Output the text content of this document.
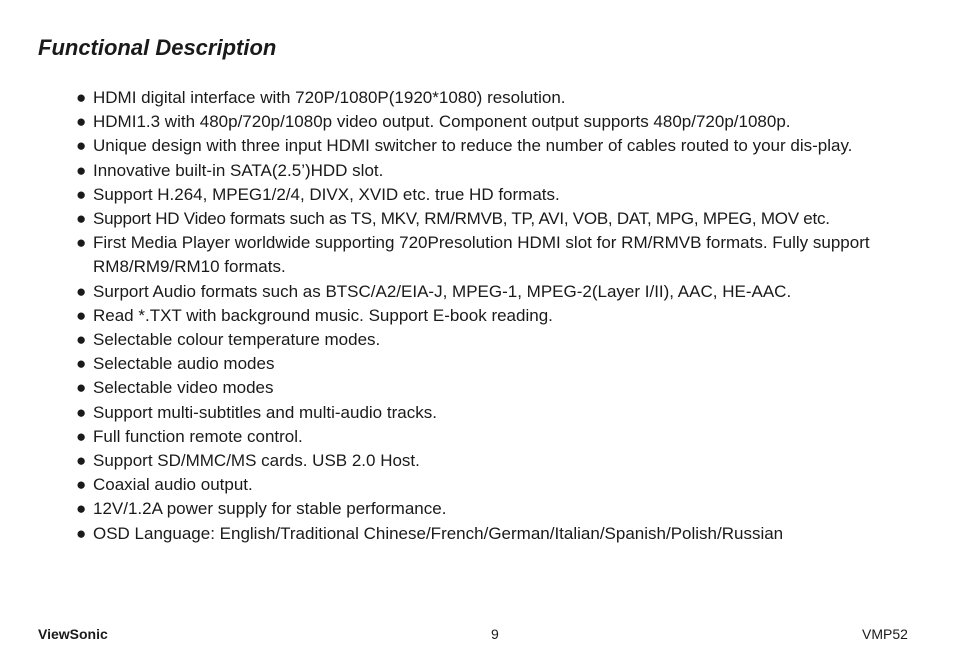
Functional Description
● HDMI digital interface with 720P/1080P(1920*1080) resolution.
● HDMI1.3 with 480p/720p/1080p video output. Component output supports 480p/720p/1080p.
● Unique design with three input HDMI switcher to reduce the number of cables routed to your dis-play.
● Innovative built-in SATA(2.5’)HDD slot.
● Support H.264, MPEG1/2/4, DIVX, XVID etc. true HD formats.
● Support HD Video formats such as TS, MKV, RM/RMVB, TP, AVI, VOB, DAT, MPG, MPEG, MOV etc.
● First Media Player worldwide supporting 720Presolution HDMI slot for RM/RMVB formats. Fully support RM8/RM9/RM10 formats.
● Surport Audio formats such as BTSC/A2/EIA-J, MPEG-1, MPEG-2(Layer I/II), AAC, HE-AAC.
● Read *.TXT with background music. Support E-book reading.
● Selectable colour temperature modes.
● Selectable audio modes
● Selectable video modes
● Support multi-subtitles and multi-audio tracks.
● Full function remote control.
● Support SD/MMC/MS cards. USB 2.0 Host.
● Coaxial audio output.
● 12V/1.2A power supply for stable performance.
● OSD Language: English/Traditional Chinese/French/German/Italian/Spanish/Polish/Russian
ViewSonic	9	VMP52
